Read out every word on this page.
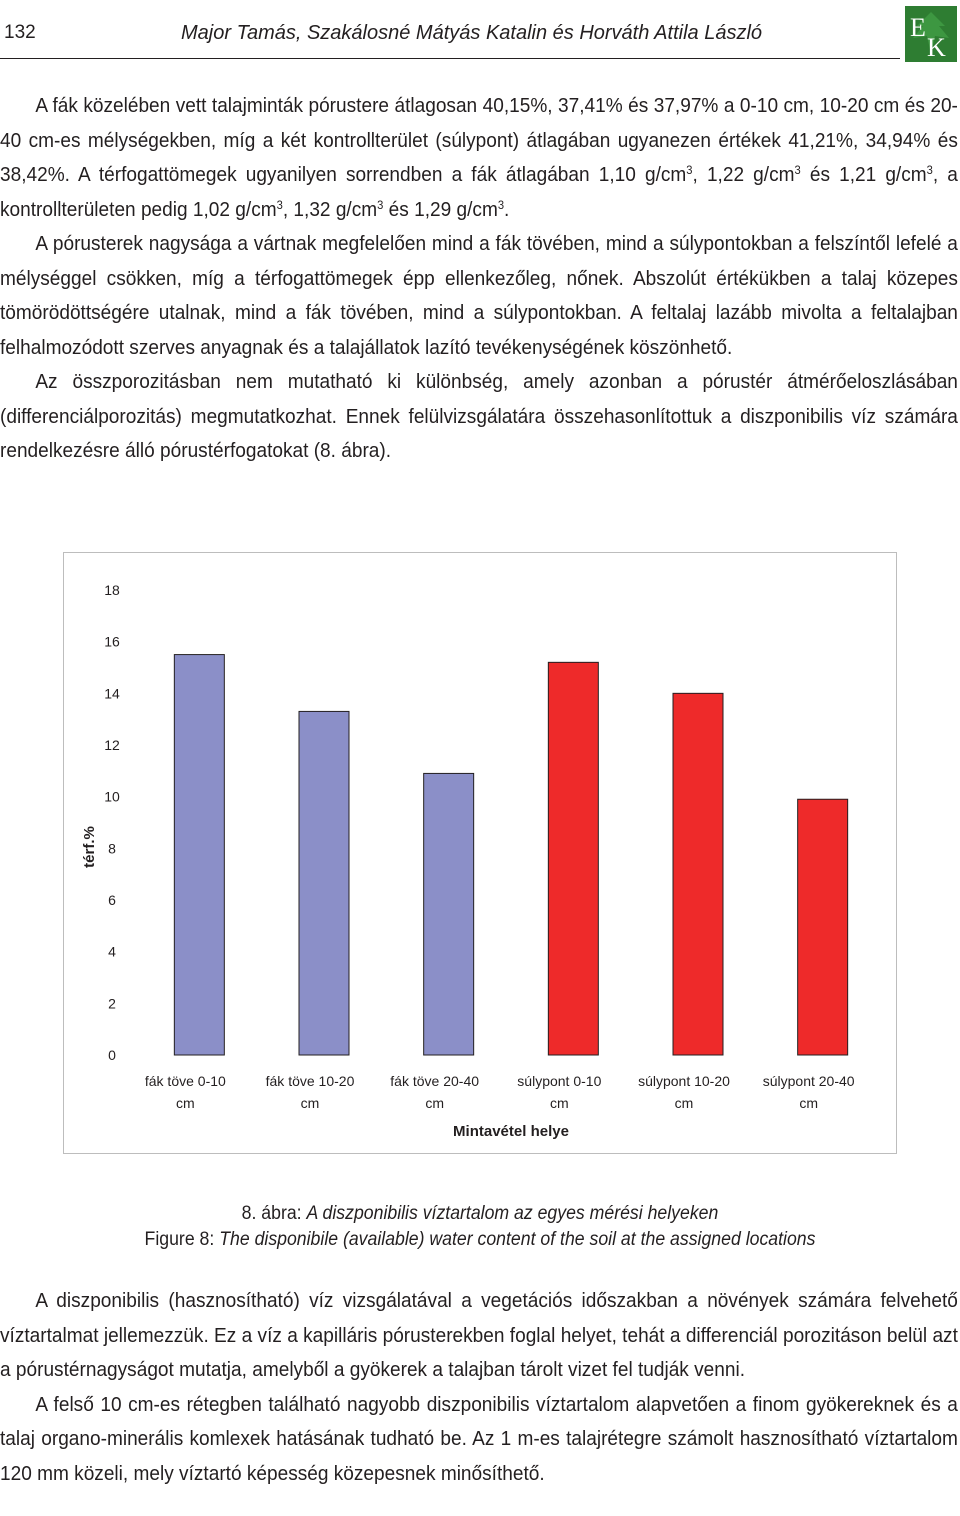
132	Major Tamás, Szakálosné Mátyás Katalin és Horváth Attila László	E
K

A fák közelében vett talajminták pórustere átlagosan 40,15%, 37,41% és 37,97% a 0-10 cm, 10-20 cm és 20-40 cm-es mélységekben, míg a két kontrollterület (súlypont) átlagában ugyanezen értékek 41,21%, 34,94% és 38,42%. A térfogattömegek ugyanilyen sorrendben a fák átlagában 1,10 $g/cm^3$, 1,22 $g/cm^3$ és 1,21 $g/cm^3$, a kontrollterületen pedig 1,02 $g/cm^3$, 1,32 $g/cm^3$ és 1,29 $g/cm^3$.

A pórusterek nagysága a vártnak megfelelően mind a fák tövében, mind a súlypontokban a felszíntől lefelé a mélységgel csökken, míg a térfogattömegek épp ellenkezőleg, nőnek. Abszolút értékükben a talaj közepes tömörödöttségére utalnak, mind a fák tövében, mind a súlypontokban. A feltalaj lazább mivolta a feltalajban felhalmozódott szerves anyagnak és a talajállatok lazító tevékenységének köszönhető.

Az összporozitásban nem mutatható ki különbség, amely azonban a pórustér átmérőeloszlásában (differenciálporozitás) megmutatkozhat. Ennek felülvizsgálatára összehasonlítottuk a diszponibilis víz számára rendelkezésre álló pórustérfogatokat (8. ábra).

0
2
4
6
8
10
12
14
16
18
térf.%
fák töve 0-10
cm
fák töve 10-20
cm
fák töve 20-40
cm
súlypont 0-10
cm
súlypont 10-20
cm
súlypont 20-40
cm
Mintavétel helye
8. ábra: A diszponibilis víztartalom az egyes mérési helyeken
Figure 8: The disponibile (available) water content of the soil at the assigned locations

A diszponibilis (hasznosítható) víz vizsgálatával a vegetációs időszakban a növények számára felvehető víztartalmat jellemezzük. Ez a víz a kapilláris pórusterekben foglal helyet, tehát a differenciál porozitáson belül azt a pórustérnagyságot mutatja, amelyből a gyökerek a talajban tárolt vizet fel tudják venni.

A felső 10 cm-es rétegben található nagyobb diszponibilis víztartalom alapvetően a finom gyökereknek és a talaj organo-minerális komlexek hatásának tudható be. Az 1 m-es talajrétegre számolt hasznosítható víztartalom 120 mm közeli, mely víztartó képesség közepesnek minősíthető.
